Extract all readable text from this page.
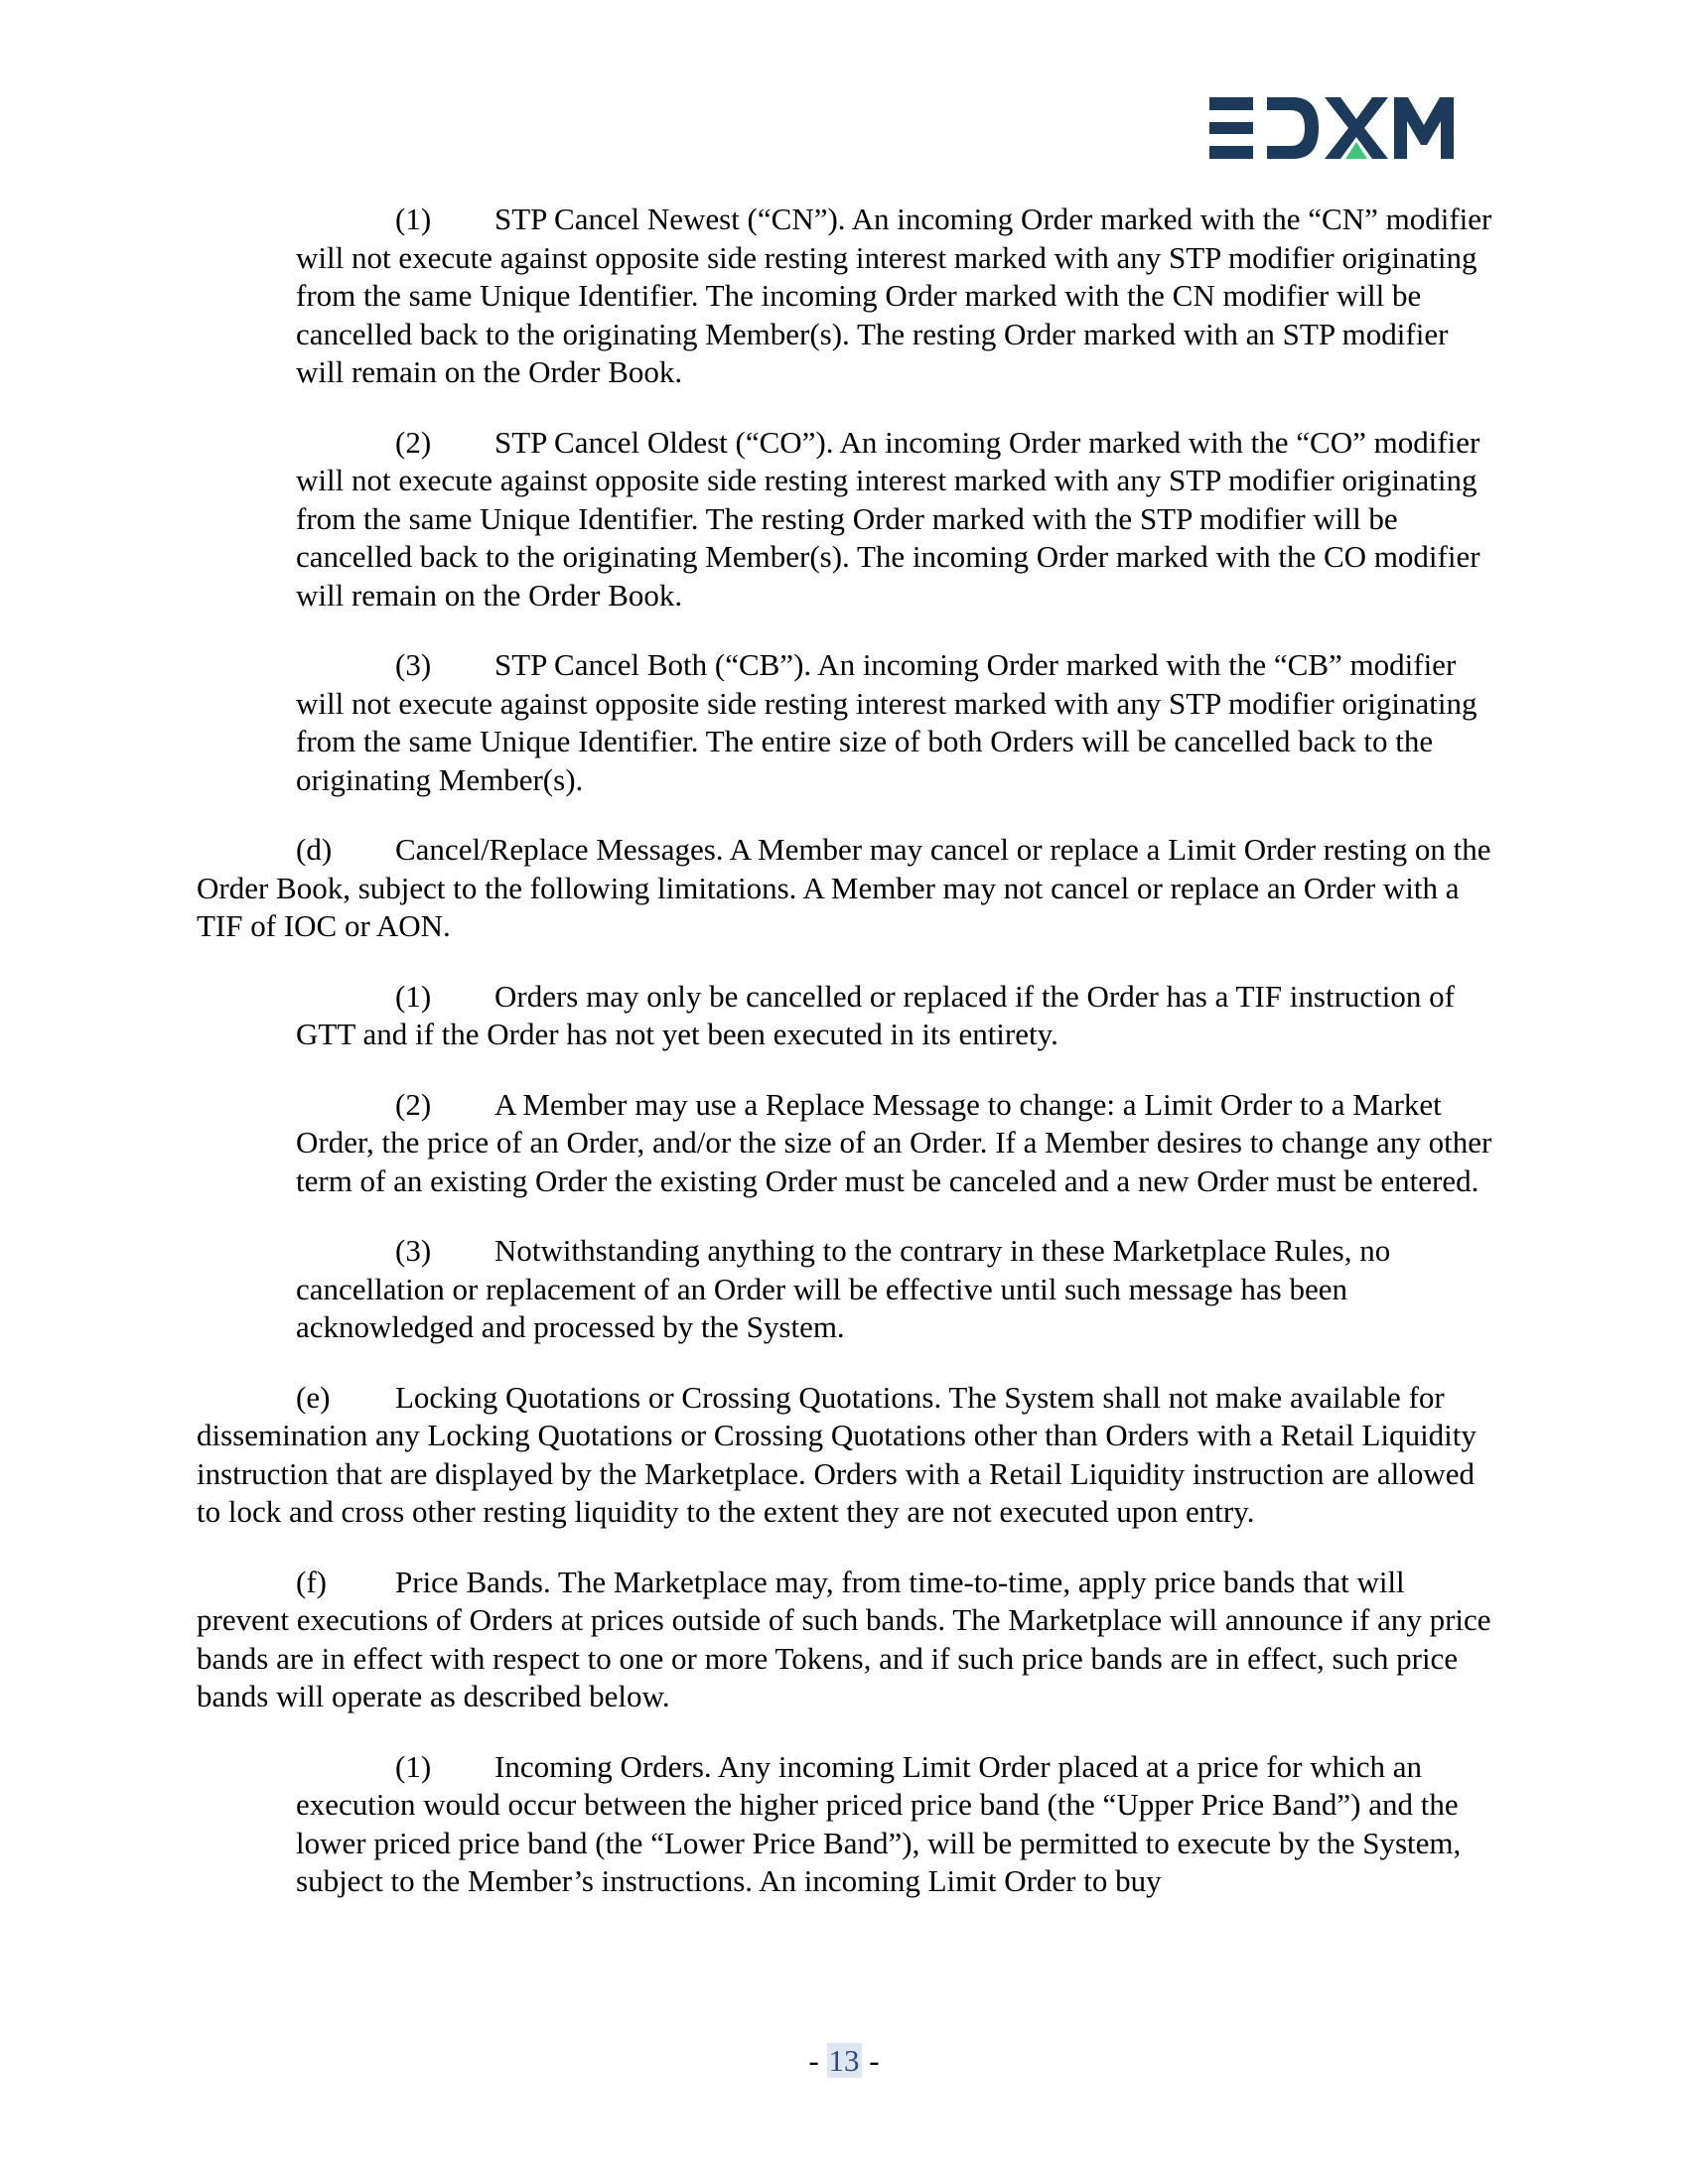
(1) STP Cancel Newest (“CN”). An incoming Order marked with the “CN” modifier will not execute against opposite side resting interest marked with any STP modifier originating from the same Unique Identifier. The incoming Order marked with the CN modifier will be cancelled back to the originating Member(s). The resting Order marked with an STP modifier will remain on the Order Book.

(2) STP Cancel Oldest (“CO”). An incoming Order marked with the “CO” modifier will not execute against opposite side resting interest marked with any STP modifier originating from the same Unique Identifier. The resting Order marked with the STP modifier will be cancelled back to the originating Member(s). The incoming Order marked with the CO modifier will remain on the Order Book.

(3) STP Cancel Both (“CB”). An incoming Order marked with the “CB” modifier will not execute against opposite side resting interest marked with any STP modifier originating from the same Unique Identifier. The entire size of both Orders will be cancelled back to the originating Member(s).

(d) Cancel/Replace Messages. A Member may cancel or replace a Limit Order resting on the Order Book, subject to the following limitations. A Member may not cancel or replace an Order with a TIF of IOC or AON.

(1) Orders may only be cancelled or replaced if the Order has a TIF instruction of GTT and if the Order has not yet been executed in its entirety.

(2) A Member may use a Replace Message to change: a Limit Order to a Market Order, the price of an Order, and/or the size of an Order. If a Member desires to change any other term of an existing Order the existing Order must be canceled and a new Order must be entered.

(3) Notwithstanding anything to the contrary in these Marketplace Rules, no cancellation or replacement of an Order will be effective until such message has been acknowledged and processed by the System.

(e) Locking Quotations or Crossing Quotations. The System shall not make available for dissemination any Locking Quotations or Crossing Quotations other than Orders with a Retail Liquidity instruction that are displayed by the Marketplace. Orders with a Retail Liquidity instruction are allowed to lock and cross other resting liquidity to the extent they are not executed upon entry.

(f) Price Bands. The Marketplace may, from time-to-time, apply price bands that will prevent executions of Orders at prices outside of such bands. The Marketplace will announce if any price bands are in effect with respect to one or more Tokens, and if such price bands are in effect, such price bands will operate as described below.

(1) Incoming Orders. Any incoming Limit Order placed at a price for which an execution would occur between the higher priced price band (the “Upper Price Band”) and the lower priced price band (the “Lower Price Band”), will be permitted to execute by the System, subject to the Member’s instructions. An incoming Limit Order to buy

- 13 -
